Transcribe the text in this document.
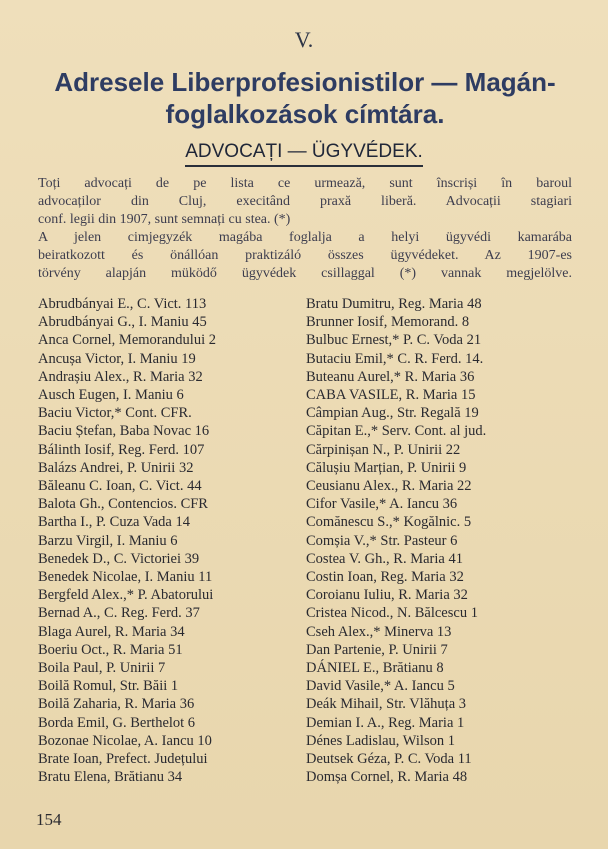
V.
Adresele Liberprofesionistilor — Magán-
foglalkozások címtára.
ADVOCAȚI — ÜGYVÉDEK.

Toți advocați de pe lista ce urmează, sunt înscriși în baroul
advocaților din Cluj, execitând praxă liberă. Advocații stagiari
conf. legii din 1907, sunt semnați cu stea. (*)
A jelen cimjegyzék magába foglalja a helyi ügyvédi kamarába
beiratkozott és önállóan praktizáló összes ügyvédeket. Az 1907-es
törvény alapján müködő ügyvédek csillaggal (*) vannak megjelölve.

Abrudbányai E., C. Vict. 113
Abrudbányai G., I. Maniu 45
Anca Cornel, Memorandului 2
Ancușa Victor, I. Maniu 19
Andrașiu Alex., R. Maria 32
Ausch Eugen, I. Maniu 6
Baciu Victor,* Cont. CFR.
Baciu Ștefan, Baba Novac 16
Bálinth Iosif, Reg. Ferd. 107
Balázs Andrei, P. Unirii 32
Băleanu C. Ioan, C. Vict. 44
Balota Gh., Contencios. CFR
Bartha I., P. Cuza Vada 14
Barzu Virgil, I. Maniu 6
Benedek D., C. Victoriei 39
Benedek Nicolae, I. Maniu 11
Bergfeld Alex.,* P. Abatorului
Bernad A., C. Reg. Ferd. 37
Blaga Aurel, R. Maria 34
Boeriu Oct., R. Maria 51
Boila Paul, P. Unirii 7
Boilă Romul, Str. Băii 1
Boilă Zaharia, R. Maria 36
Borda Emil, G. Berthelot 6
Bozonae Nicolae, A. Iancu 10
Brate Ioan, Prefect. Județului
Bratu Elena, Brătianu 34
Bratu Dumitru, Reg. Maria 48
Brunner Iosif, Memorand. 8
Bulbuc Ernest,* P. C. Voda 21
Butaciu Emil,* C. R. Ferd. 14.
Buteanu Aurel,* R. Maria 36
CABA VASILE, R. Maria 15
Câmpian Aug., Str. Regală 19
Căpitan E.,* Serv. Cont. al jud.
Cărpinișan N., P. Unirii 22
Călușiu Marțian, P. Unirii 9
Ceusianu Alex., R. Maria 22
Cifor Vasile,* A. Iancu 36
Comănescu S.,* Kogălnic. 5
Comșia V.,* Str. Pasteur 6
Costea V. Gh., R. Maria 41
Costin Ioan, Reg. Maria 32
Coroianu Iuliu, R. Maria 32
Cristea Nicod., N. Bălcescu 1
Cseh Alex.,* Minerva 13
Dan Partenie, P. Unirii 7
DÁNIEL E., Brătianu 8
David Vasile,* A. Iancu 5
Deák Mihail, Str. Vlăhuța 3
Demian I. A., Reg. Maria 1
Dénes Ladislau, Wilson 1
Deutsek Géza, P. C. Voda 11
Domșa Cornel, R. Maria 48
154
